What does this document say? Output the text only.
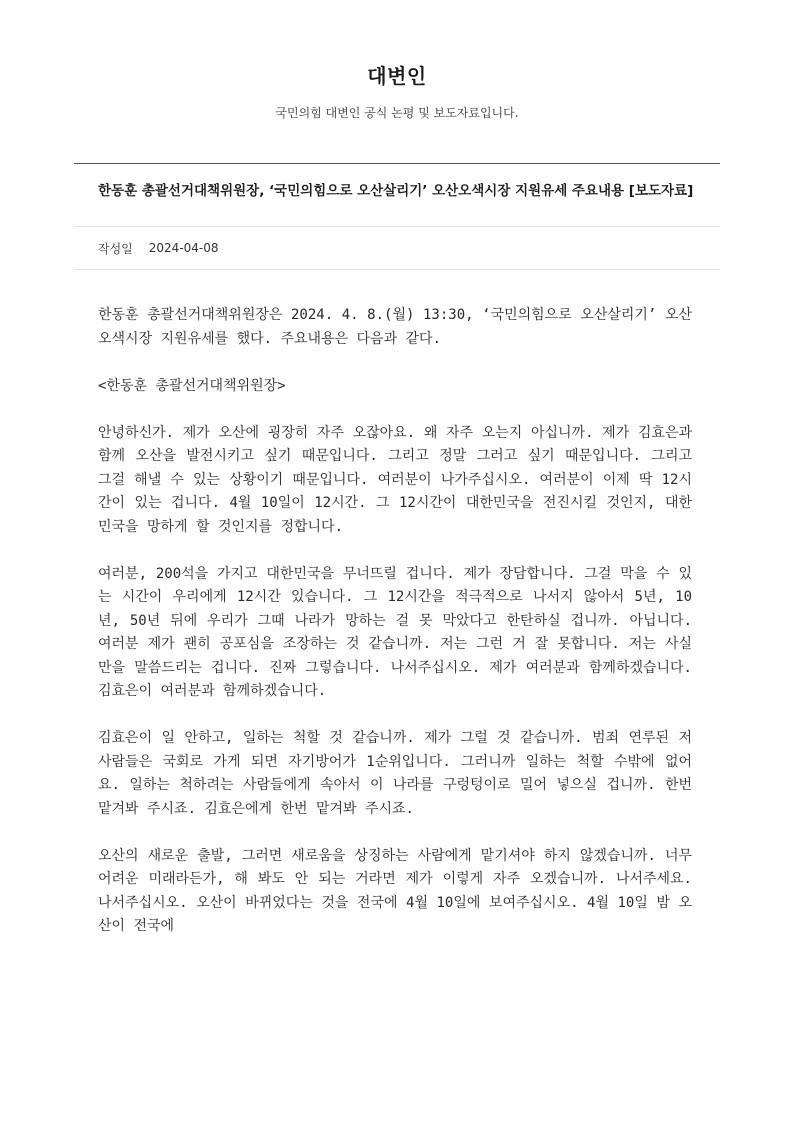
대변인
국민의힘 대변인 공식 논평 및 보도자료입니다.
한동훈 총괄선거대책위원장, ‘국민의힘으로 오산살리기’ 오산오색시장 지원유세 주요내용 [보도자료]
작성일 2024-04-08

한동훈 총괄선거대책위원장은 2024. 4. 8.(월) 13:30, ‘국민의힘으로 오산살리기’ 오산오색시장 지원유세를 했다. 주요내용은 다음과 같다.

<한동훈 총괄선거대책위원장>

안녕하신가. 제가 오산에 굉장히 자주 오잖아요. 왜 자주 오는지 아십니까. 제가 김효은과 함께 오산을 발전시키고 싶기 때문입니다. 그리고 정말 그러고 싶기 때문입니다. 그리고 그걸 해낼 수 있는 상황이기 때문입니다. 여러분이 나가주십시오. 여러분이 이제 딱 12시간이 있는 겁니다. 4월 10일이 12시간. 그 12시간이 대한민국을 전진시킬 것인지, 대한민국을 망하게 할 것인지를 정합니다.

여러분, 200석을 가지고 대한민국을 무너뜨릴 겁니다. 제가 장담합니다. 그걸 막을 수 있는 시간이 우리에게 12시간 있습니다. 그 12시간을 적극적으로 나서지 않아서 5년, 10년, 50년 뒤에 우리가 그때 나라가 망하는 걸 못 막았다고 한탄하실 겁니까. 아닙니다. 여러분 제가 괜히 공포심을 조장하는 것 같습니까. 저는 그런 거 잘 못합니다. 저는 사실만을 말씀드리는 겁니다. 진짜 그렇습니다. 나서주십시오. 제가 여러분과 함께하겠습니다. 김효은이 여러분과 함께하겠습니다.

김효은이 일 안하고, 일하는 척할 것 같습니까. 제가 그럴 것 같습니까. 범죄 연루된 저 사람들은 국회로 가게 되면 자기방어가 1순위입니다. 그러니까 일하는 척할 수밖에 없어요. 일하는 척하려는 사람들에게 속아서 이 나라를 구렁텅이로 밀어 넣으실 겁니까. 한번 맡겨봐 주시죠. 김효은에게 한번 맡겨봐 주시죠.

오산의 새로운 출발, 그러면 새로움을 상징하는 사람에게 맡기셔야 하지 않겠습니까. 너무 어려운 미래라든가, 해 봐도 안 되는 거라면 제가 이렇게 자주 오겠습니까. 나서주세요. 나서주십시오. 오산이 바뀌었다는 것을 전국에 4월 10일에 보여주십시오. 4월 10일 밤 오산이 전국에
